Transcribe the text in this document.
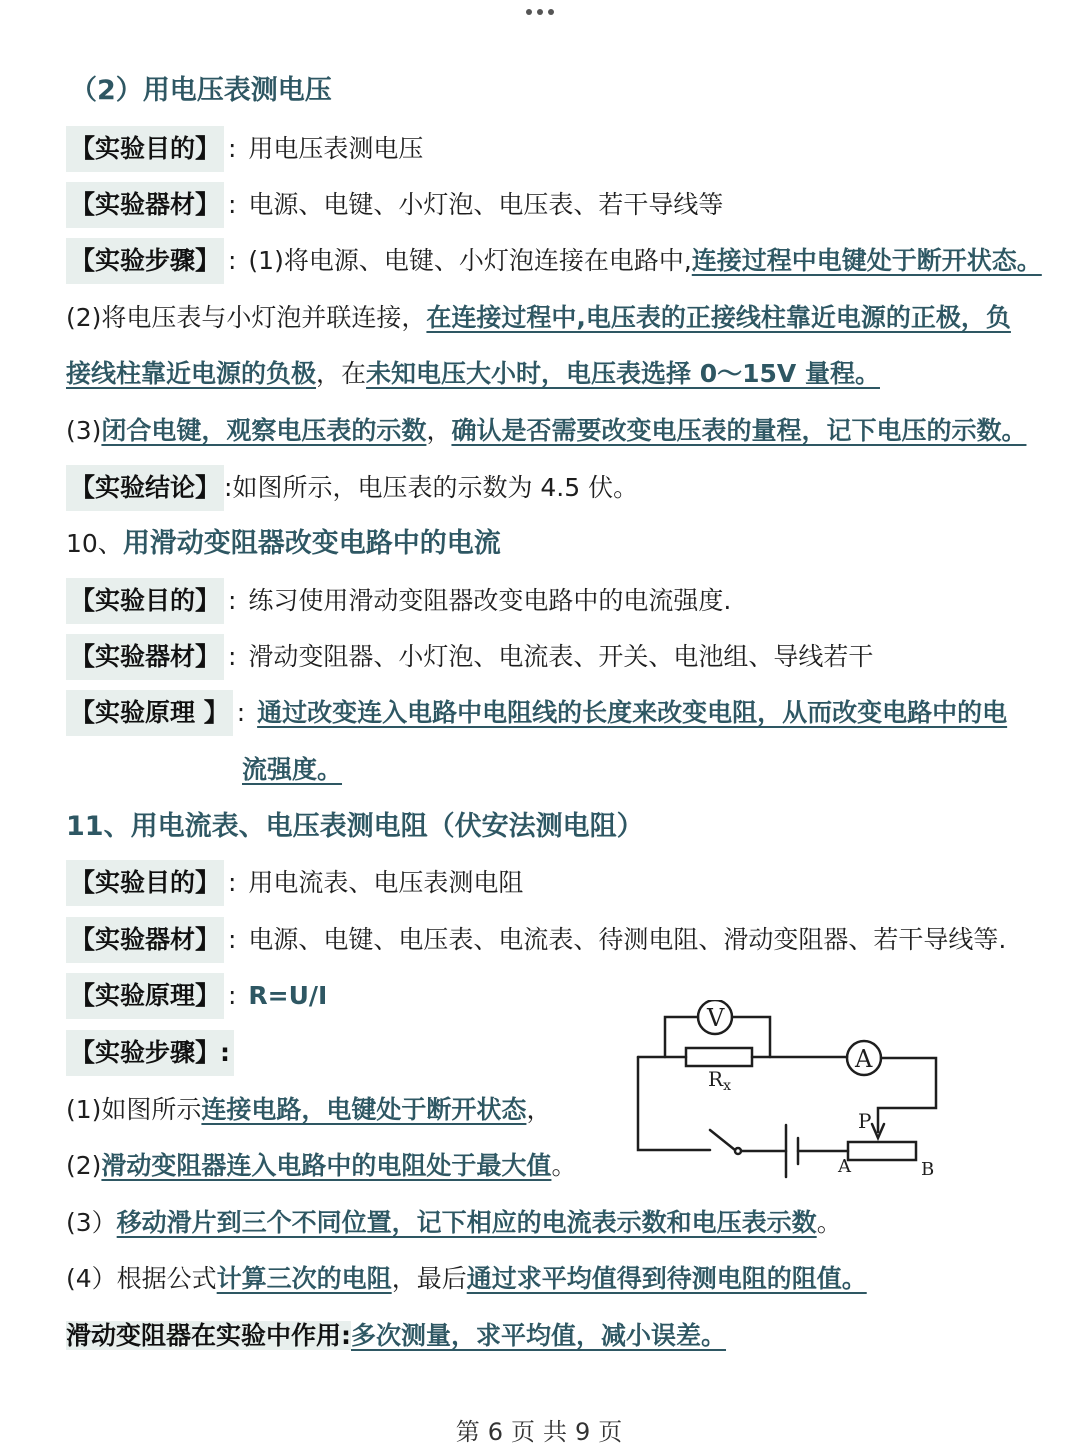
（2）用电压表测电压
【实验目的】 : 用电压表测电压
【实验器材】 : 电源、电键、小灯泡、电压表、若干导线等
【实验步骤】 : (1)将电源、电键、小灯泡连接在电路中,连接过程中电键处于断开状态。
(2)将电压表与小灯泡并联连接，在连接过程中,电压表的正接线柱靠近电源的正极，负
接线柱靠近电源的负极，在未知电压大小时，电压表选择 0～15V 量程。
(3)闭合电键，观察电压表的示数，确认是否需要改变电压表的量程，记下电压的示数。
【实验结论】 :如图所示，电压表的示数为 4.5 伏。
10、用滑动变阻器改变电路中的电流
【实验目的】 : 练习使用滑动变阻器改变电路中的电流强度.
【实验器材】 : 滑动变阻器、小灯泡、电流表、开关、电池组、导线若干
【实验原理 】 : 通过改变连入电路中电阻线的长度来改变电阻，从而改变电路中的电
流强度。
11、用电流表、电压表测电阻（伏安法测电阻）
【实验目的】 : 用电流表、电压表测电阻
【实验器材】 : 电源、电键、电压表、电流表、待测电阻、滑动变阻器、若干导线等.
【实验原理】 : R=U/I
【实验步骤】:
(1)如图所示连接电路，电键处于断开状态，
(2)滑动变阻器连入电路中的电阻处于最大值。
(3）移动滑片到三个不同位置，记下相应的电流表示数和电压表示数。
(4）根据公式计算三次的电阻，最后通过求平均值得到待测电阻的阻值。
滑动变阻器在实验中作用:多次测量，求平均值，减小误差。
V
A
$R_x$
P
A	B
第 6 页 共 9 页
